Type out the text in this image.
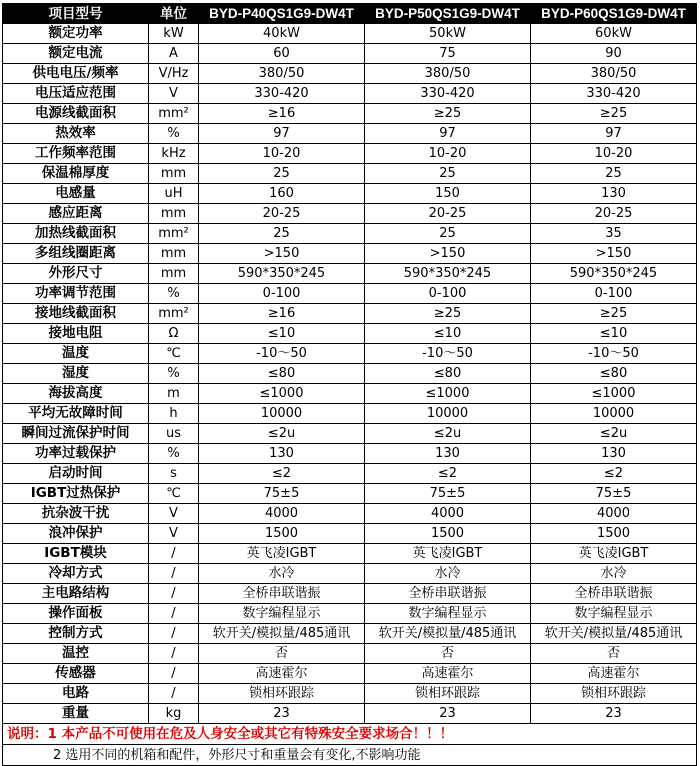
项目型号	单位	BYD-P40QS1G9-DW4T	BYD-P50QS1G9-DW4T	BYD-P60QS1G9-DW4T
额定功率	kW	40kW	50kW	60kW
额定电流	A	60	75	90
供电电压/频率	V/Hz	380/50	380/50	380/50
电压适应范围	V	330-420	330-420	330-420
电源线截面积	mm²	≥16	≥25	≥25
热效率	%	97	97	97
工作频率范围	kHz	10-20	10-20	10-20
保温棉厚度	mm	25	25	25
电感量	uH	160	150	130
感应距离	mm	20-25	20-25	20-25
加热线截面积	mm²	25	25	35
多组线圈距离	mm	>150	>150	>150
外形尺寸	mm	590*350*245	590*350*245	590*350*245
功率调节范围	%	0-100	0-100	0-100
接地线截面积	mm²	≥16	≥25	≥25
接地电阻	Ω	≤10	≤10	≤10
温度	℃	-10～50	-10～50	-10～50
湿度	%	≤80	≤80	≤80
海拔高度	m	≤1000	≤1000	≤1000
平均无故障时间	h	10000	10000	10000
瞬间过流保护时间	us	≤2u	≤2u	≤2u
功率过载保护	%	130	130	130
启动时间	s	≤2	≤2	≤2
IGBT过热保护	℃	75±5	75±5	75±5
抗杂波干扰	V	4000	4000	4000
浪冲保护	V	1500	1500	1500
IGBT模块	/	英飞凌IGBT	英飞凌IGBT	英飞凌IGBT
冷却方式	/	水冷	水冷	水冷
主电路结构	/	全桥串联谐振	全桥串联谐振	全桥串联谐振
操作面板	/	数字编程显示	数字编程显示	数字编程显示
控制方式	/	软开关/模拟量/485通讯	软开关/模拟量/485通讯	软开关/模拟量/485通讯
温控	/	否	否	否
传感器	/	高速霍尔	高速霍尔	高速霍尔
电路	/	锁相环跟踪	锁相环跟踪	锁相环跟踪
重量	kg	23	23	23
说明：1 本产品不可使用在危及人身安全或其它有特殊安全要求场合！！！				
2 选用不同的机箱和配件，外形尺寸和重量会有变化,不影响功能				
